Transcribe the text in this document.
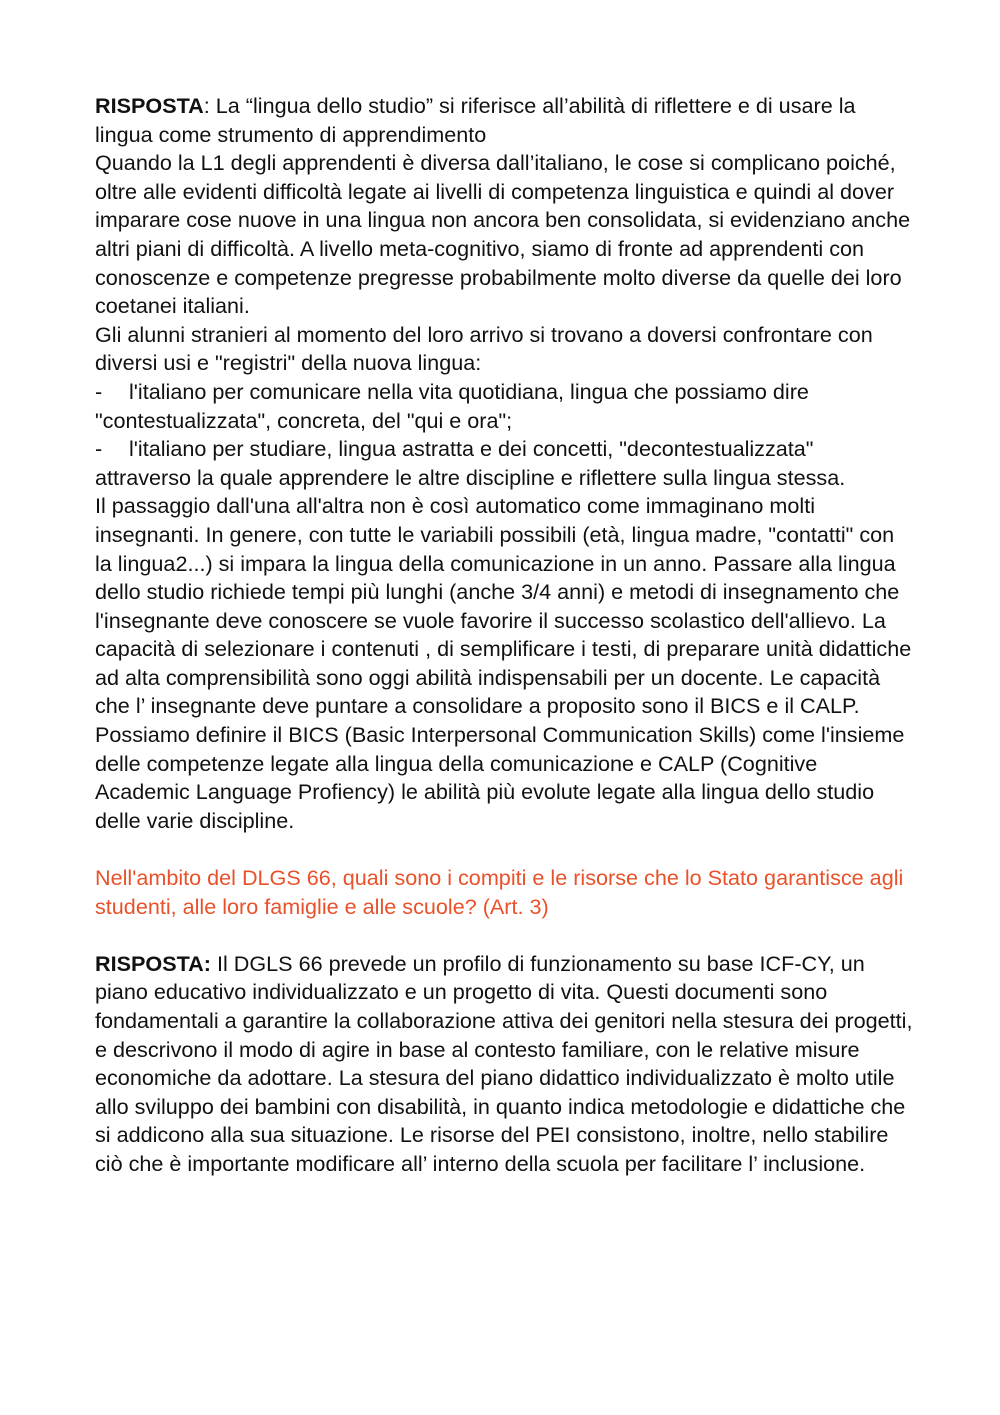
RISPOSTA: La “lingua dello studio” si riferisce all’abilità di riflettere e di usare la lingua come strumento di apprendimento

Quando la L1 degli apprendenti è diversa dall’italiano, le cose si complicano poiché, oltre alle evidenti difficoltà legate ai livelli di competenza linguistica e quindi al dover imparare cose nuove in una lingua non ancora ben consolidata, si evidenziano anche altri piani di difficoltà. A livello meta-cognitivo, siamo di fronte ad apprendenti con conoscenze e competenze pregresse probabilmente molto diverse da quelle dei loro coetanei italiani.

Gli alunni stranieri al momento del loro arrivo si trovano a doversi confrontare con diversi usi e "registri" della nuova lingua:

- l'italiano per comunicare nella vita quotidiana, lingua che possiamo dire
"contestualizzata", concreta, del "qui e ora";
- l'italiano per studiare, lingua astratta e dei concetti, "decontestualizzata"
attraverso la quale apprendere le altre discipline e riflettere sulla lingua stessa.

Il passaggio dall'una all'altra non è così automatico come immaginano molti insegnanti. In genere, con tutte le variabili possibili (età, lingua madre, "contatti" con la lingua2...) si impara la lingua della comunicazione in un anno. Passare alla lingua dello studio richiede tempi più lunghi (anche 3/4 anni) e metodi di insegnamento che l'insegnante deve conoscere se vuole favorire il successo scolastico dell'allievo. La capacità di selezionare i contenuti , di semplificare i testi, di preparare unità didattiche ad alta comprensibilità sono oggi abilità indispensabili per un docente. Le capacità che l’ insegnante deve puntare a consolidare a proposito sono il BICS e il CALP.

Possiamo definire il BICS (Basic Interpersonal Communication Skills) come l'insieme delle competenze legate alla lingua della comunicazione e CALP (Cognitive Academic Language Profiency) le abilità più evolute legate alla lingua dello studio delle varie discipline.

Nell'ambito del DLGS 66, quali sono i compiti e le risorse che lo Stato garantisce agli studenti, alle loro famiglie e alle scuole? (Art. 3)

RISPOSTA: Il DGLS 66 prevede un profilo di funzionamento su base ICF-CY, un piano educativo individualizzato e un progetto di vita. Questi documenti sono fondamentali a garantire la collaborazione attiva dei genitori nella stesura dei progetti, e descrivono il modo di agire in base al contesto familiare, con le relative misure economiche da adottare. La stesura del piano didattico individualizzato è molto utile allo sviluppo dei bambini con disabilità, in quanto indica metodologie e didattiche che si addicono alla sua situazione. Le risorse del PEI consistono, inoltre, nello stabilire ciò che è importante modificare all’ interno della scuola per facilitare l’ inclusione.
